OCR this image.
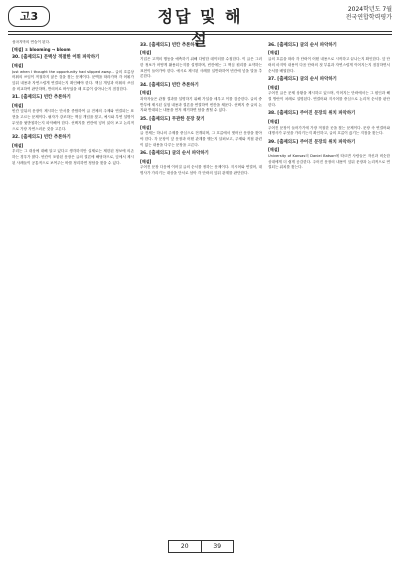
고3	정답 및 해설
2024학년도 7월
전국연합학력평가
섬마지막의 연습이 된다.
[해설] ① blooming → bloom
30. [출제의도] 문맥상 적절한 어휘 파악하기
[해설]
Just when I thought the opportunity had slipped away... 글의 흐름상 어휘의 쓰임이 적절하지 않은 것을 찾는 문제이다. 문맥을 따라가며 각 어휘가 앞뒤 내용과 자연스럽게 연결되는지 확인해야 한다. 핵심 개념과 어휘의 쓰임을 비교하여 판단하며, 반의어로 바꾸었을 때 흐름이 살아나는지 점검한다.
31. [출제의도] 빈칸 추론하기
[해설]
빈칸 앞뒤의 문장이 제시하는 단서를 종합하여 글 전체의 주제와 연결되는 표현을 고르는 문제이다. 필자가 강조하는 핵심 개념을 찾고, 예시와 부연 설명이 무엇을 뒷받침하는지 파악해야 한다. 선택지를 빈칸에 넣어 읽어 보고 논리적으로 가장 자연스러운 것을 고른다.
32. [출제의도] 빈칸 추론하기
[해설]
우리는 그 대상에 대해 알고 있다고 생각하지만 실제로는 제한된 정보에 의존하는 경우가 많다. 빈칸이 포함된 문장은 글의 결론에 해당하므로, 앞에서 제시된 사례들이 공통적으로 보여주는 바를 정리하면 정답을 찾을 수 있다.
33. [출제의도] 빈칸 추론하기
[해설]
기업은 고객의 행동을 예측하기 위해 다양한 데이터를 수집한다. 이 글은 그러한 정보가 어떻게 활용되는지를 설명하며, 빈칸에는 그 핵심 원리를 요약하는 표현이 들어가야 한다. 예시로 제시된 사례를 일반화하여 빈칸에 넣을 말을 추론한다.
34. [출제의도] 빈칸 추론하기
[해설]
과학자들은 관찰 결과를 설명하기 위해 가설을 세우고 이를 검증한다. 글의 중반부에 제시된 실험 내용과 결론을 연결하여 빈칸을 채운다. 선택지 중 글의 논지와 반대되는 내용을 먼저 제거하면 답을 좁힐 수 있다.
35. [출제의도] 무관한 문장 찾기
[해설]
글 전체는 하나의 주제를 중심으로 전개되며, 그 흐름에서 벗어난 문장을 찾아야 한다. 각 문장이 앞 문장과 어떤 관계를 맺는지 살펴보고, 주제와 직접 관련이 없는 내용을 다루는 문장을 고른다.
36. [출제의도] 글의 순서 파악하기
[해설]
주어진 문장 다음에 이어질 글의 순서를 정하는 문제이다. 지시어와 연결어, 대명사가 가리키는 대상을 단서로 삼아 각 단락의 앞뒤 관계를 판단한다.
36. [출제의도] 글의 순서 파악하기
[해설]
글의 흐름을 따라 각 단락이 어떤 내용으로 시작하고 끝나는지 확인한다. 앞 단락의 마지막 내용이 다음 단락의 첫 부분과 자연스럽게 이어지는지 점검하면서 순서를 배열한다.
37. [출제의도] 글의 순서 파악하기
[해설]
주어진 글은 문제 상황을 제시하고 있으며, 이어지는 단락에서는 그 원인과 해결 방안이 차례로 설명된다. 연결어와 지시어를 중심으로 논리적 순서를 판단한다.
38. [출제의도] 주어진 문장의 위치 파악하기
[해설]
주어진 문장이 들어가기에 가장 적절한 곳을 찾는 문제이다. 문장 속 연결어와 대명사가 무엇을 가리키는지 확인하고, 글의 흐름이 끊기는 지점을 찾는다.
39. [출제의도] 주어진 문장의 위치 파악하기
[해설]
University of Kansas의 Daniel Batson에 따르면 사람들은 자신과 비슷한 상대에게 더 쉽게 공감한다. 주어진 문장의 내용이 앞뒤 문장과 논리적으로 연결되는 위치를 찾는다.
20	39
